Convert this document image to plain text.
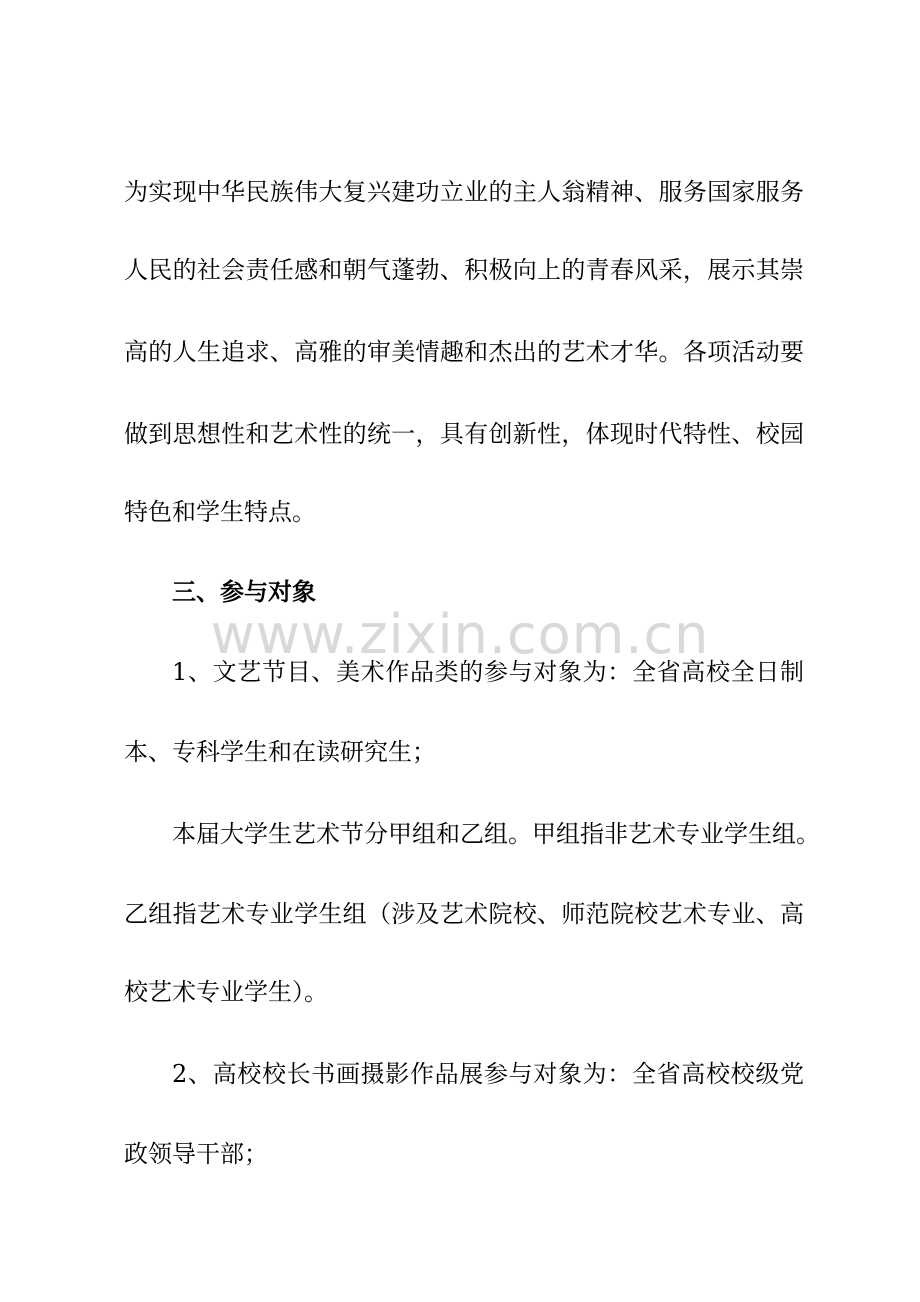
为实现中华民族伟大复兴建功立业的主人翁精神、服务国家服务
人民的社会责任感和朝气蓬勃、积极向上的青春风采，展示其崇
高的人生追求、高雅的审美情趣和杰出的艺术才华。各项活动要
做到思想性和艺术性的统一，具有创新性，体现时代特性、校园
特色和学生特点。
三、参与对象
www.zixin.com.cn
1、文艺节目、美术作品类的参与对象为：全省高校全日制
本、专科学生和在读研究生；
本届大学生艺术节分甲组和乙组。甲组指非艺术专业学生组。
乙组指艺术专业学生组（涉及艺术院校、师范院校艺术专业、高
校艺术专业学生）。
2、高校校长书画摄影作品展参与对象为：全省高校校级党
政领导干部；
